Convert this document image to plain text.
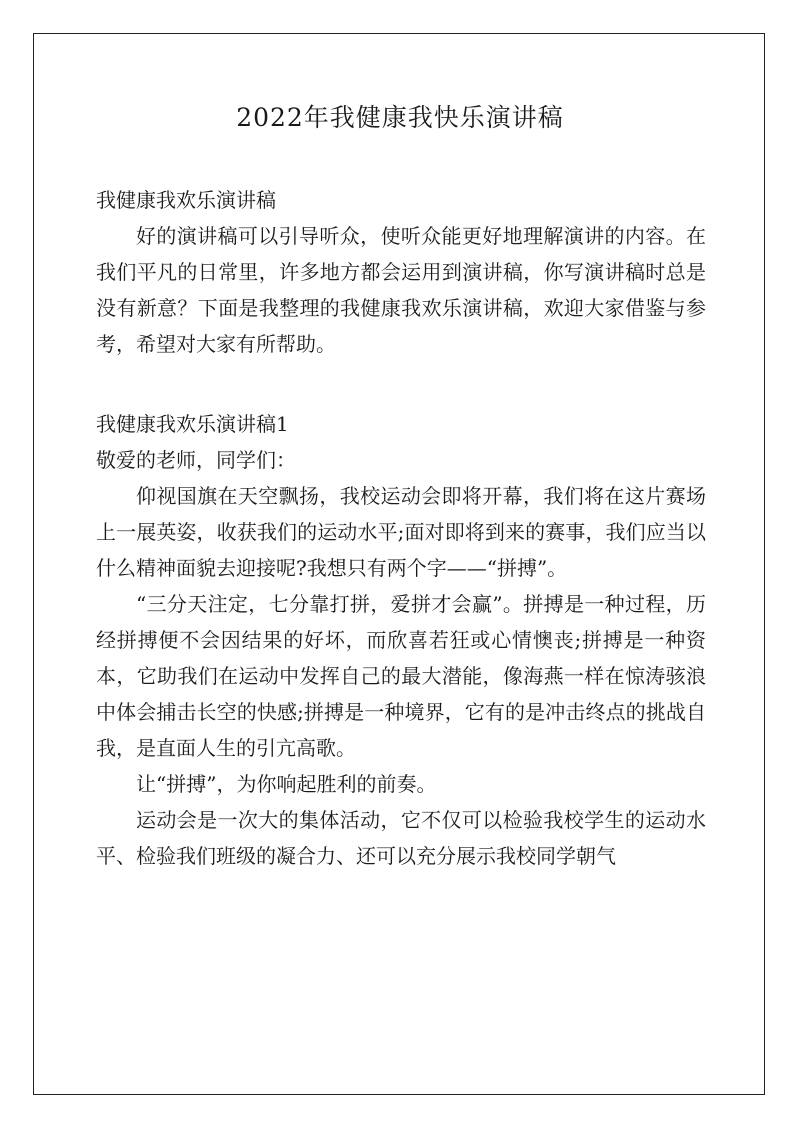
2022年我健康我快乐演讲稿

我健康我欢乐演讲稿

好的演讲稿可以引导听众，使听众能更好地理解演讲的内容。在我们平凡的日常里，许多地方都会运用到演讲稿，你写演讲稿时总是没有新意？下面是我整理的我健康我欢乐演讲稿，欢迎大家借鉴与参考，希望对大家有所帮助。

我健康我欢乐演讲稿1

敬爱的老师，同学们：

仰视国旗在天空飘扬，我校运动会即将开幕，我们将在这片赛场上一展英姿，收获我们的运动水平;面对即将到来的赛事，我们应当以什么精神面貌去迎接呢?我想只有两个字——“拼搏”。

“三分天注定，七分靠打拼，爱拼才会赢”。拼搏是一种过程，历经拼搏便不会因结果的好坏，而欣喜若狂或心情懊丧;拼搏是一种资本，它助我们在运动中发挥自己的最大潜能，像海燕一样在惊涛骇浪中体会捕击长空的快感;拼搏是一种境界，它有的是冲击终点的挑战自我，是直面人生的引亢高歌。

让“拼搏”，为你响起胜利的前奏。

运动会是一次大的集体活动，它不仅可以检验我校学生的运动水平、检验我们班级的凝合力、还可以充分展示我校同学朝气
